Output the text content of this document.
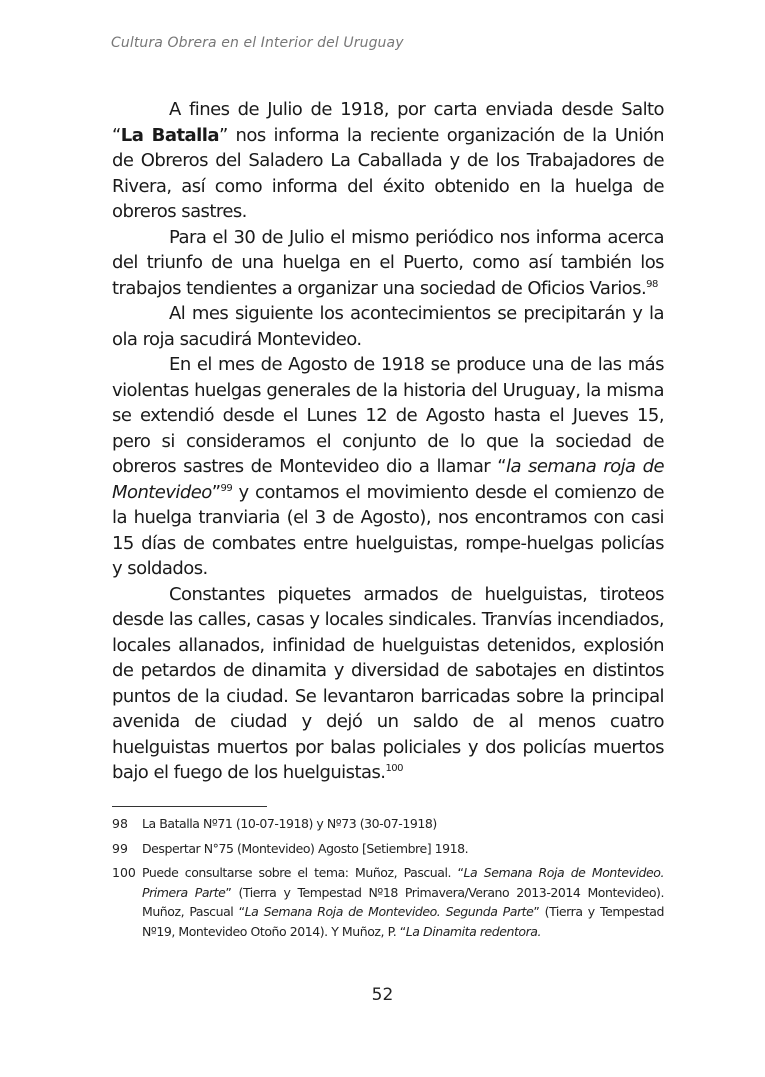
Cultura Obrera en el Interior del Uruguay

A fines de Julio de 1918, por carta enviada desde Salto “La Batalla” nos informa la reciente organización de la Unión de Obreros del Saladero La Caballada y de los Trabajadores de Rivera, así como informa del éxito obtenido en la huelga de obreros sastres.

Para el 30 de Julio el mismo periódico nos informa acerca del triunfo de una huelga en el Puerto, como así también los trabajos tendientes a organizar una sociedad de Oficios Varios.$^{98}$

Al mes siguiente los acontecimientos se precipitarán y la ola roja sacudirá Montevideo.

En el mes de Agosto de 1918 se produce una de las más violentas huelgas generales de la historia del Uruguay, la misma se extendió desde el Lunes 12 de Agosto hasta el Jueves 15, pero si consideramos el conjunto de lo que la sociedad de obreros sastres de Montevideo dio a llamar “la semana roja de Montevideo”$^{99}$ y contamos el movimiento desde el comienzo de la huelga tranviaria (el 3 de Agosto), nos encontramos con casi 15 días de combates entre huelguistas, rompe-huelgas policías y soldados.

Constantes piquetes armados de huelguistas, tiroteos desde las calles, casas y locales sindicales. Tranvías incendiados, locales allanados, infinidad de huelguistas detenidos, explosión de petardos de dinamita y diversidad de sabotajes en distintos puntos de la ciudad. Se levantaron barricadas sobre la principal avenida de ciudad y dejó un saldo de al menos cuatro huelguistas muertos por balas policiales y dos policías muertos bajo el fuego de los huelguistas.$^{100}$

98	La Batalla Nº71 (10-07-1918) y Nº73 (30-07-1918)
99	Despertar N°75 (Montevideo) Agosto [Setiembre] 1918.
100 Puede consultarse sobre el tema: Muñoz, Pascual. “La Semana Roja de Montevideo. Primera Parte” (Tierra y Tempestad Nº18 Primavera/Verano 2013-2014 Montevideo). Muñoz, Pascual “La Semana Roja de Montevideo. Segunda Parte” (Tierra y Tempestad Nº19, Montevideo Otoño 2014). Y Muñoz, P. “La Dinamita redentora.
52
